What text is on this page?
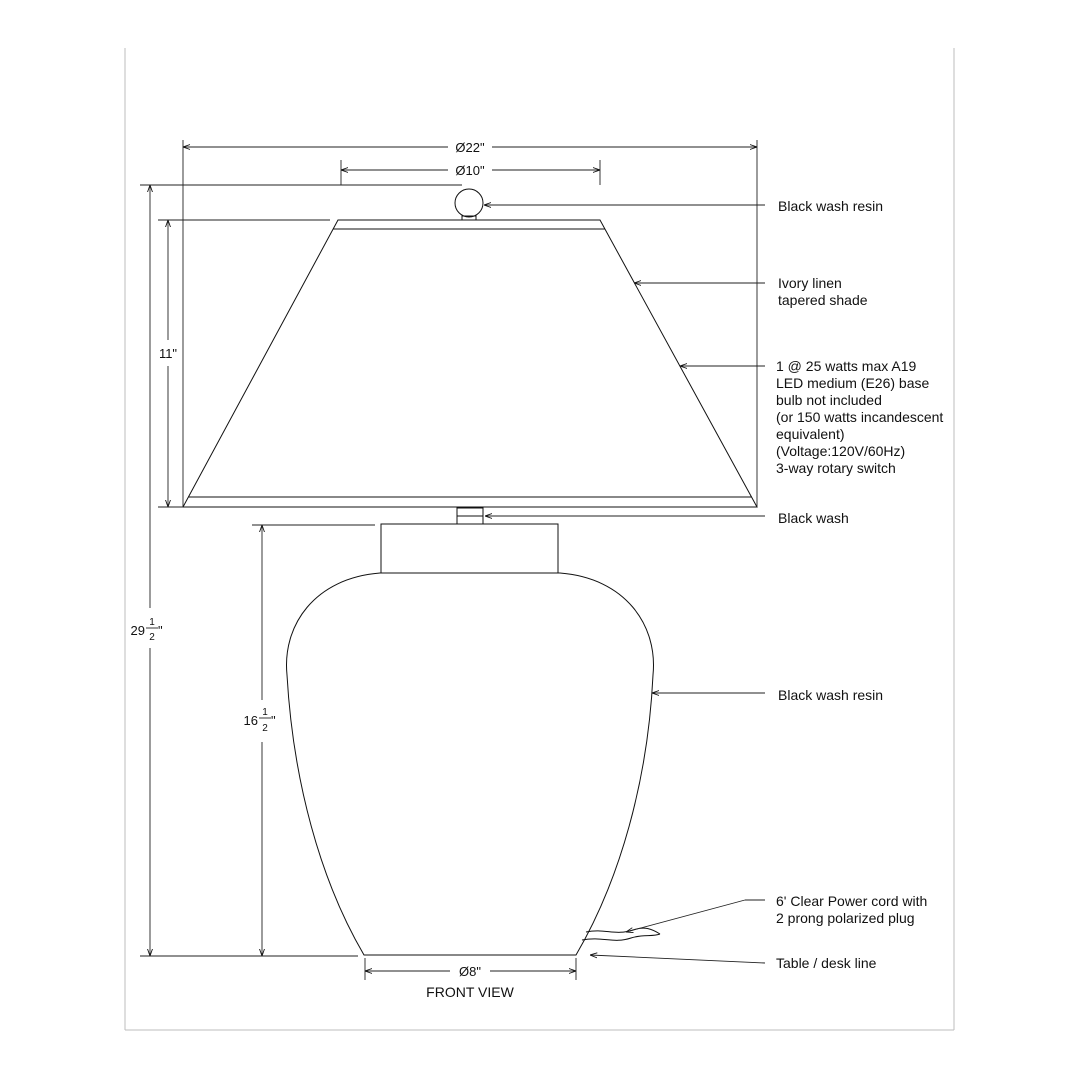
Ø22"
Ø10"
11"
29
1
2 "
16
1
2
"
Ø8"
FRONT VIEW
Black wash resin
Ivory linen tapered shade
1 @ 25 watts max A19 LED medium (E26) base bulb not included (or 150 watts incandescent equivalent) (Voltage:120V/60Hz) 3-way rotary switch
Black wash
Black wash resin
6' Clear Power cord with 2 prong polarized plug
Table / desk line
